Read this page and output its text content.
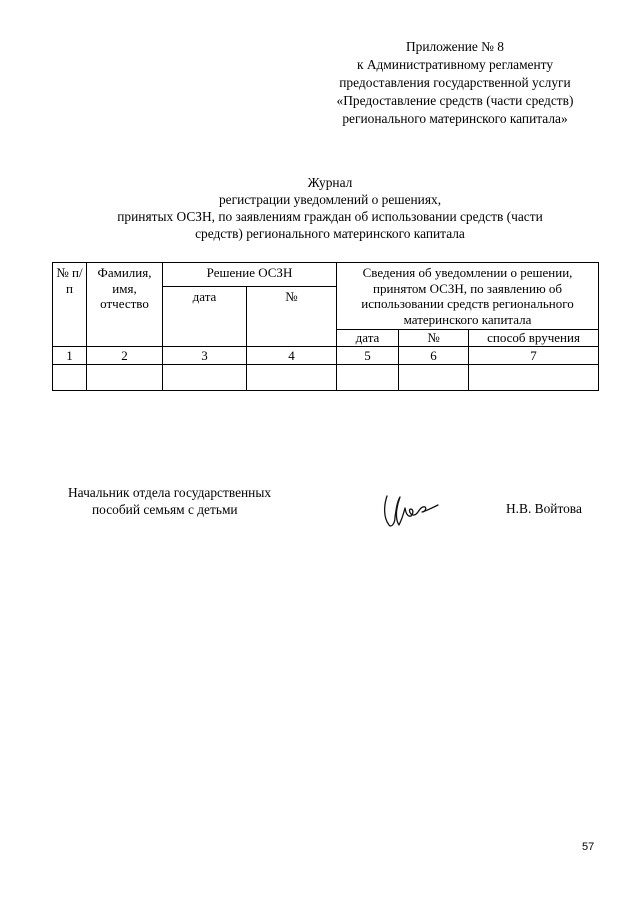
Приложение № 8
к Административному регламенту
предоставления государственной услуги
«Предоставление средств (части средств)
регионального материнского капитала»
Журнал
регистрации уведомлений о решениях,
принятых ОСЗН, по заявлениям граждан об использовании средств (части
средств) регионального материнского капитала
№ п/п	Фамилия, имя, отчество	Решение ОСЗН		Сведения об уведомлении о решении, принятом ОСЗН, по заявлению об использовании средств регионального материнского капитала		
		дата	№			
				дата	№	способ вручения
1	2	3	4	5	6	7

Начальник отдела государственных
пособий семьям с детьми	Н.В. Войтова
57
